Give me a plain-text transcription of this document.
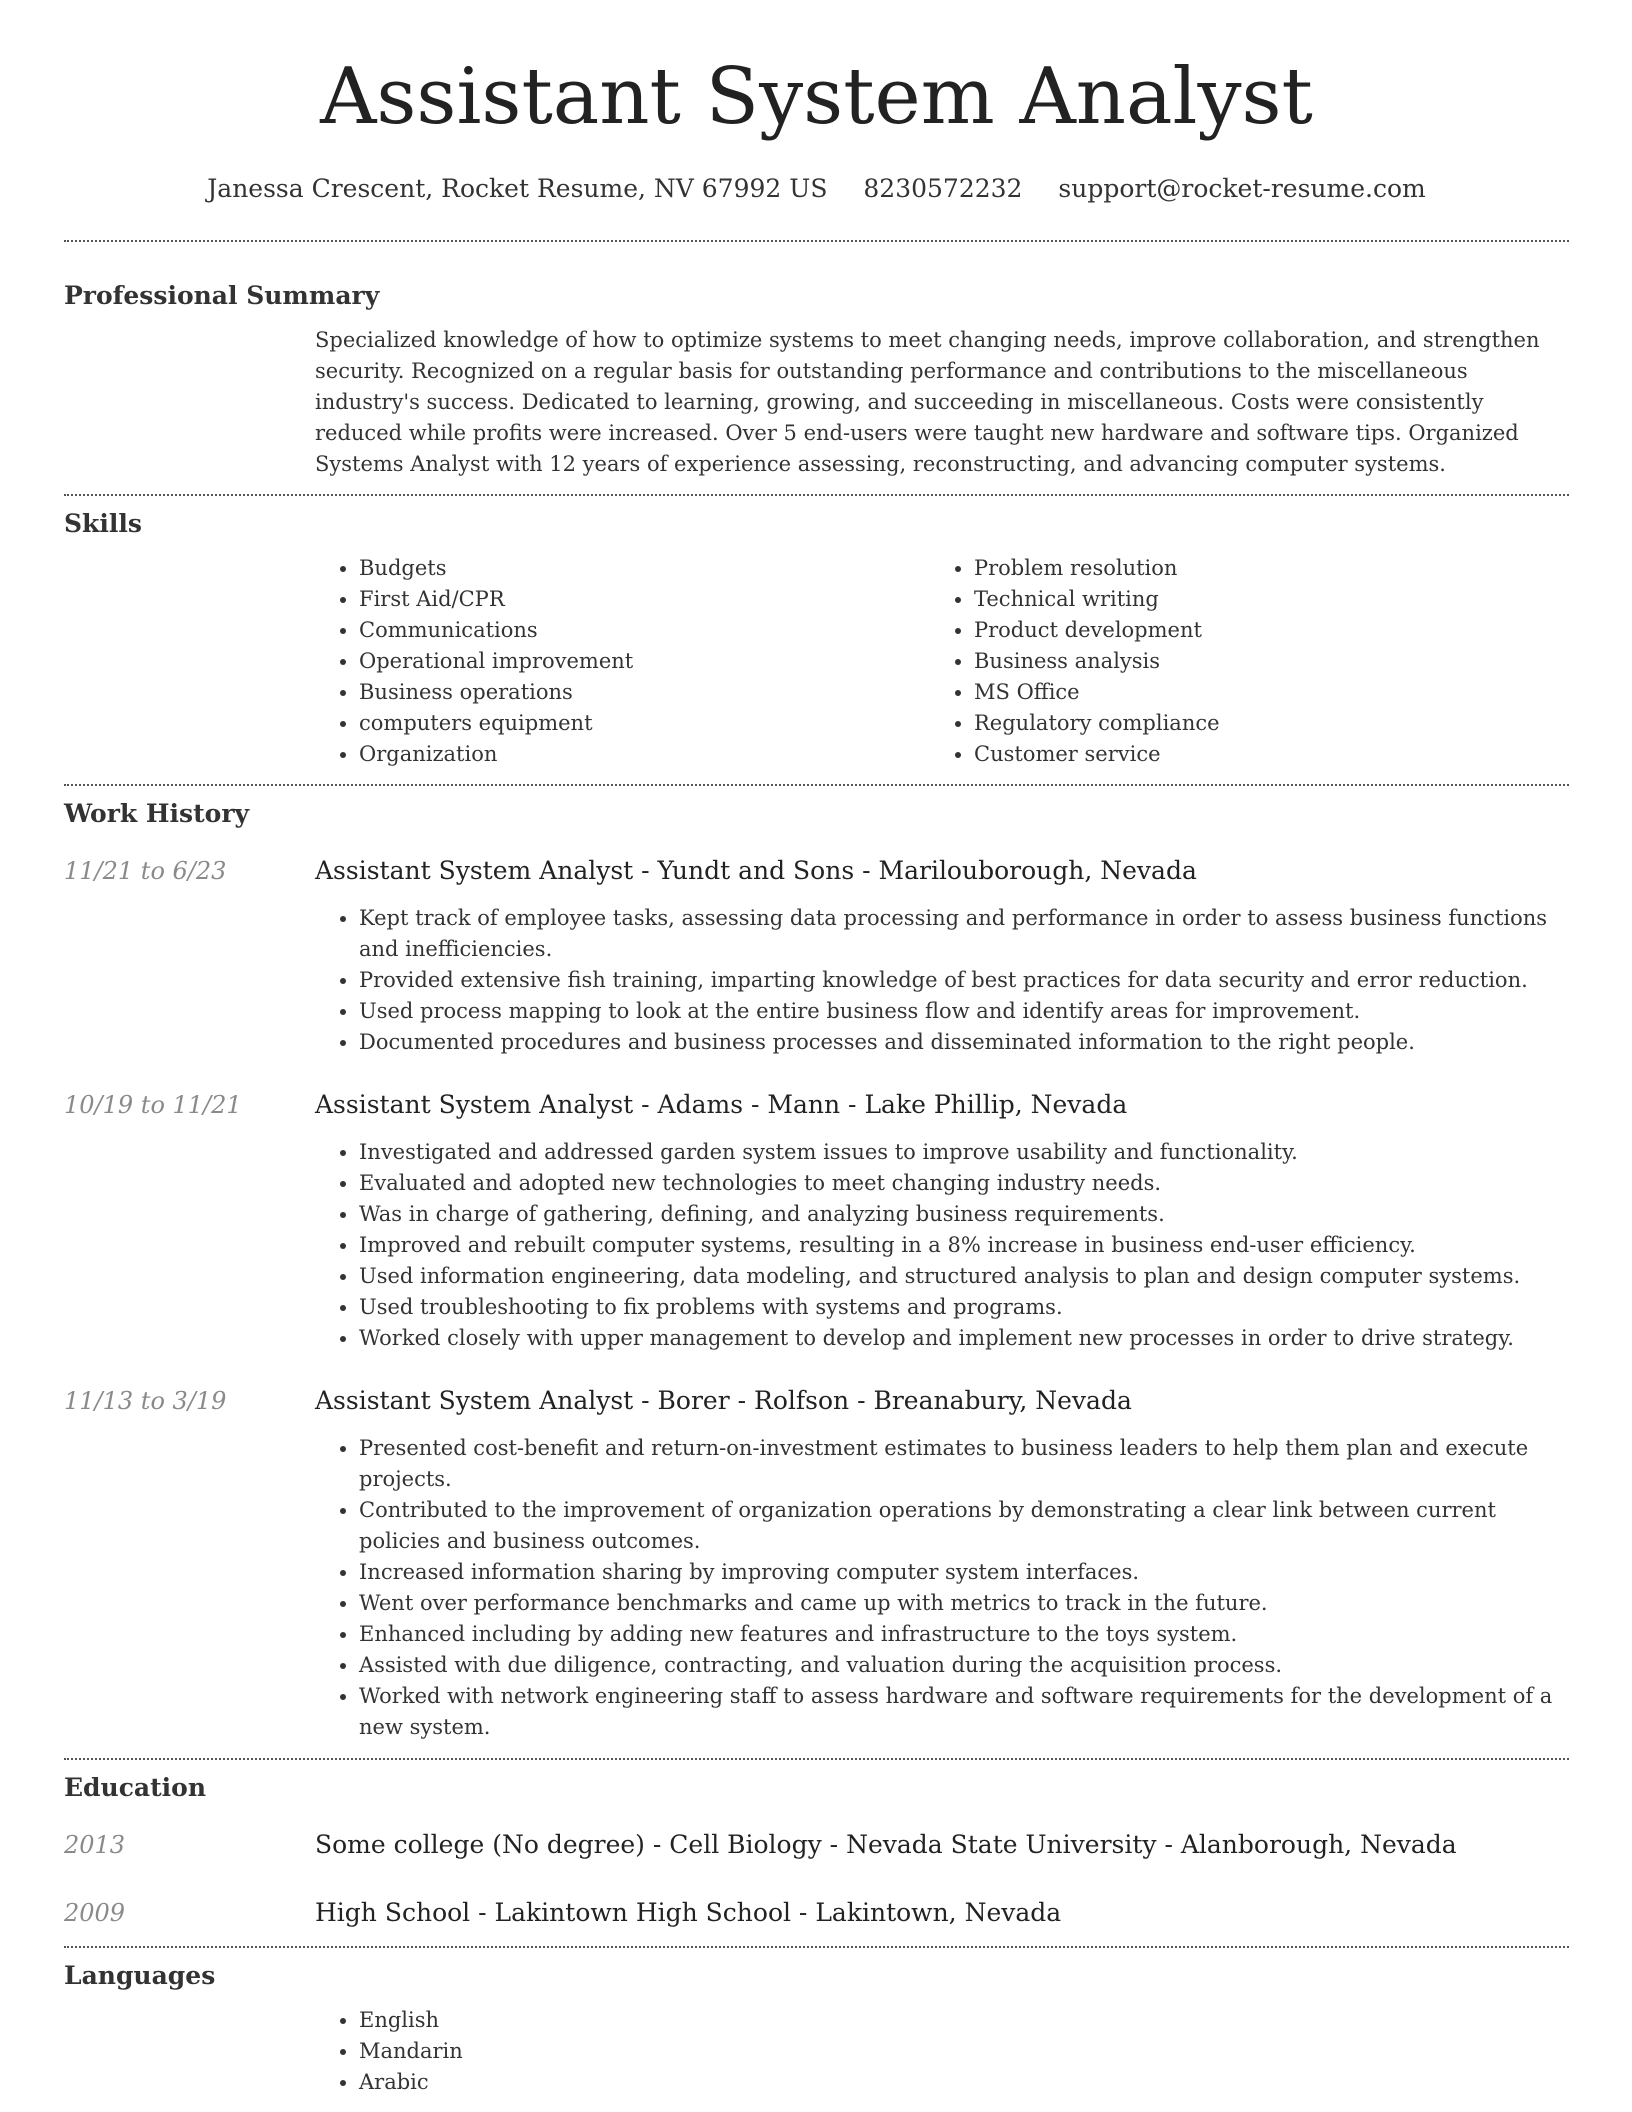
Assistant System Analyst
Janessa Crescent, Rocket Resume, NV 67992 US 8230572232 support@rocket-resume.com
Professional Summary
Specialized knowledge of how to optimize systems to meet changing needs, improve collaboration, and strengthen security. Recognized on a regular basis for outstanding performance and contributions to the miscellaneous industry's success. Dedicated to learning, growing, and succeeding in miscellaneous. Costs were consistently reduced while profits were increased. Over 5 end-users were taught new hardware and software tips. Organized Systems Analyst with 12 years of experience assessing, reconstructing, and advancing computer systems.
Skills
• Budgets
• First Aid/CPR
• Communications
• Operational improvement
• Business operations
• computers equipment
• Organization
• Problem resolution
• Technical writing
• Product development
• Business analysis
• MS Office
• Regulatory compliance
• Customer service
Work History
11/21 to 6/23	Assistant System Analyst - Yundt and Sons - Marilouborough, Nevada
• Kept track of employee tasks, assessing data processing and performance in order to assess business functions and inefficiencies.
• Provided extensive fish training, imparting knowledge of best practices for data security and error reduction.
• Used process mapping to look at the entire business flow and identify areas for improvement.
• Documented procedures and business processes and disseminated information to the right people.
10/19 to 11/21	Assistant System Analyst - Adams - Mann - Lake Phillip, Nevada
• Investigated and addressed garden system issues to improve usability and functionality.
• Evaluated and adopted new technologies to meet changing industry needs.
• Was in charge of gathering, defining, and analyzing business requirements.
• Improved and rebuilt computer systems, resulting in a 8% increase in business end-user efficiency.
• Used information engineering, data modeling, and structured analysis to plan and design computer systems.
• Used troubleshooting to fix problems with systems and programs.
• Worked closely with upper management to develop and implement new processes in order to drive strategy.
11/13 to 3/19	Assistant System Analyst - Borer - Rolfson - Breanabury, Nevada
• Presented cost-benefit and return-on-investment estimates to business leaders to help them plan and execute projects.
• Contributed to the improvement of organization operations by demonstrating a clear link between current policies and business outcomes.
• Increased information sharing by improving computer system interfaces.
• Went over performance benchmarks and came up with metrics to track in the future.
• Enhanced including by adding new features and infrastructure to the toys system.
• Assisted with due diligence, contracting, and valuation during the acquisition process.
• Worked with network engineering staff to assess hardware and software requirements for the development of a new system.
Education
2013	Some college (No degree) - Cell Biology - Nevada State University - Alanborough, Nevada
2009	High School - Lakintown High School - Lakintown, Nevada
Languages
• English
• Mandarin
• Arabic
